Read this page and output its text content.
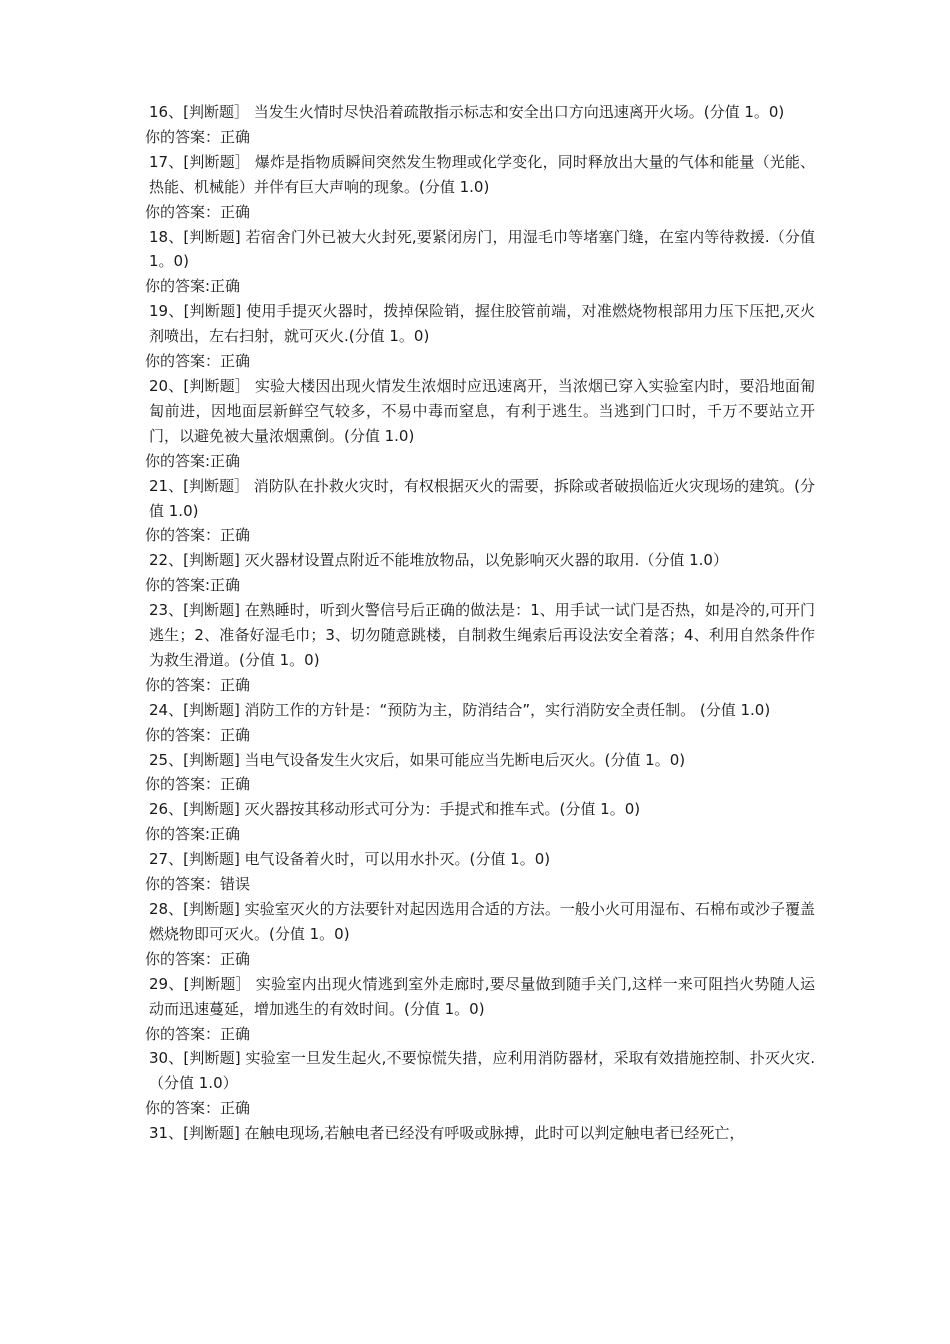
16、[判断题］ 当发生火情时尽快沿着疏散指示标志和安全出口方向迅速离开火场。(分值 1。0)

你的答案：正确

17、[判断题］ 爆炸是指物质瞬间突然发生物理或化学变化，同时释放出大量的气体和能量（光能、热能、机械能）并伴有巨大声响的现象。(分值 1.0)

你的答案：正确

18、[判断题] 若宿舍门外已被大火封死,要紧闭房门，用湿毛巾等堵塞门缝，在室内等待救援.（分值 1。0)

你的答案:正确

19、[判断题] 使用手提灭火器时，拨掉保险销，握住胶管前端，对准燃烧物根部用力压下压把,灭火剂喷出，左右扫射，就可灭火.(分值 1。0)

你的答案：正确

20、[判断题］ 实验大楼因出现火情发生浓烟时应迅速离开，当浓烟已穿入实验室内时，要沿地面匍匐前进，因地面层新鲜空气较多，不易中毒而窒息，有利于逃生。当逃到门口时，千万不要站立开门，以避免被大量浓烟熏倒。(分值 1.0)

你的答案:正确

21、[判断题］ 消防队在扑救火灾时，有权根据灭火的需要，拆除或者破损临近火灾现场的建筑。(分值 1.0)

你的答案：正确

22、[判断题] 灭火器材设置点附近不能堆放物品，以免影响灭火器的取用.（分值 1.0）

你的答案:正确

23、[判断题] 在熟睡时，听到火警信号后正确的做法是：1、用手试一试门是否热，如是冷的,可开门逃生；2、准备好湿毛巾；3、切勿随意跳楼，自制救生绳索后再设法安全着落；4、利用自然条件作为救生滑道。(分值 1。0)

你的答案：正确

24、[判断题] 消防工作的方针是：“预防为主，防消结合”，实行消防安全责任制。 (分值 1.0)

你的答案：正确

25、[判断题] 当电气设备发生火灾后，如果可能应当先断电后灭火。(分值 1。0)

你的答案：正确

26、[判断题] 灭火器按其移动形式可分为：手提式和推车式。(分值 1。0)

你的答案:正确

27、[判断题] 电气设备着火时，可以用水扑灭。(分值 1。0)

你的答案：错误

28、[判断题] 实验室灭火的方法要针对起因选用合适的方法。一般小火可用湿布、石棉布或沙子覆盖燃烧物即可灭火。(分值 1。0)

你的答案：正确

29、[判断题］ 实验室内出现火情逃到室外走廊时,要尽量做到随手关门,这样一来可阻挡火势随人运动而迅速蔓延，增加逃生的有效时间。(分值 1。0)

你的答案：正确

30、[判断题] 实验室一旦发生起火,不要惊慌失措，应利用消防器材，采取有效措施控制、扑灭火灾.（分值 1.0）

你的答案：正确

31、[判断题] 在触电现场,若触电者已经没有呼吸或脉搏，此时可以判定触电者已经死亡，
